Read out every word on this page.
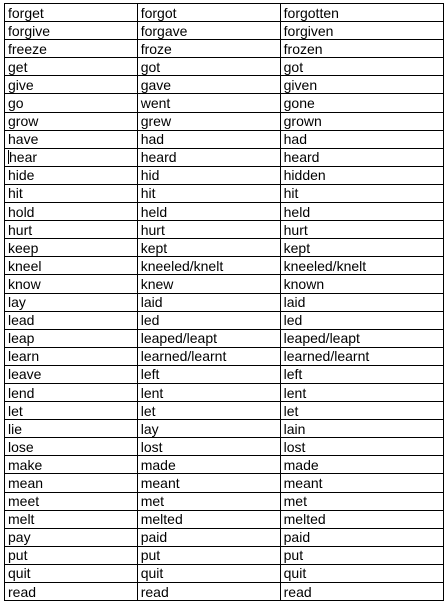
forget	forgot	forgotten
forgive	forgave	forgiven
freeze	froze	frozen
get	got	got
give	gave	given
go	went	gone
grow	grew	grown
have	had	had
hear	heard	heard
hide	hid	hidden
hit	hit	hit
hold	held	held
hurt	hurt	hurt
keep	kept	kept
kneel	kneeled/knelt	kneeled/knelt
know	knew	known
lay	laid	laid
lead	led	led
leap	leaped/leapt	leaped/leapt
learn	learned/learnt	learned/learnt
leave	left	left
lend	lent	lent
let	let	let
lie	lay	lain
lose	lost	lost
make	made	made
mean	meant	meant
meet	met	met
melt	melted	melted
pay	paid	paid
put	put	put
quit	quit	quit
read	read	read
